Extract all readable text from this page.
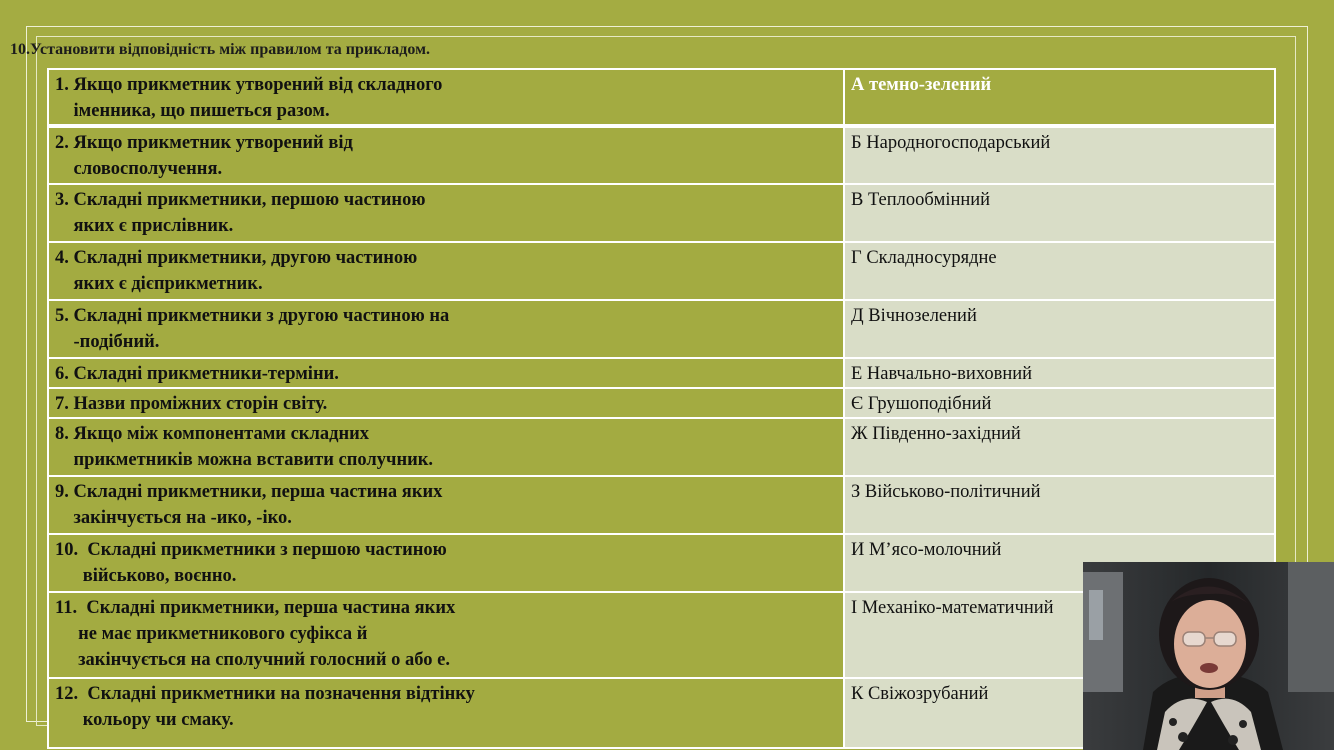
10.Установити відповідність між правилом та прикладом.
1. Якщо прикметник утворений від складного
іменника, що пишеться разом.	А темно-зелений
2. Якщо прикметник утворений від
словосполучення.	Б Народногосподарський
3. Складні прикметники, першою частиною
яких є прислівник.	В Теплообмінний
4. Складні прикметники, другою частиною
яких є дієприкметник.	Г Складносурядне
5. Складні прикметники з другою частиною на
-подібний.	Д Вічнозелений
6. Складні прикметники-терміни.	Е Навчально-виховний
7. Назви проміжних сторін світу.	Є Грушоподібний
8. Якщо між компонентами складних
прикметників можна вставити сполучник.	Ж Південно-західний
9. Складні прикметники, перша частина яких
закінчується на -ико, -іко.	З Військово-політичний
10.  Складні прикметники з першою частиною
військово, воєнно.	И М’ясо-молочний
11.  Складні прикметники, перша частина яких
не має прикметникового суфікса й
закінчується на сполучний голосний о або е.	І Механіко-математичний
12.  Складні прикметники на позначення відтінку
кольору чи смаку.	К Свіжозрубаний
